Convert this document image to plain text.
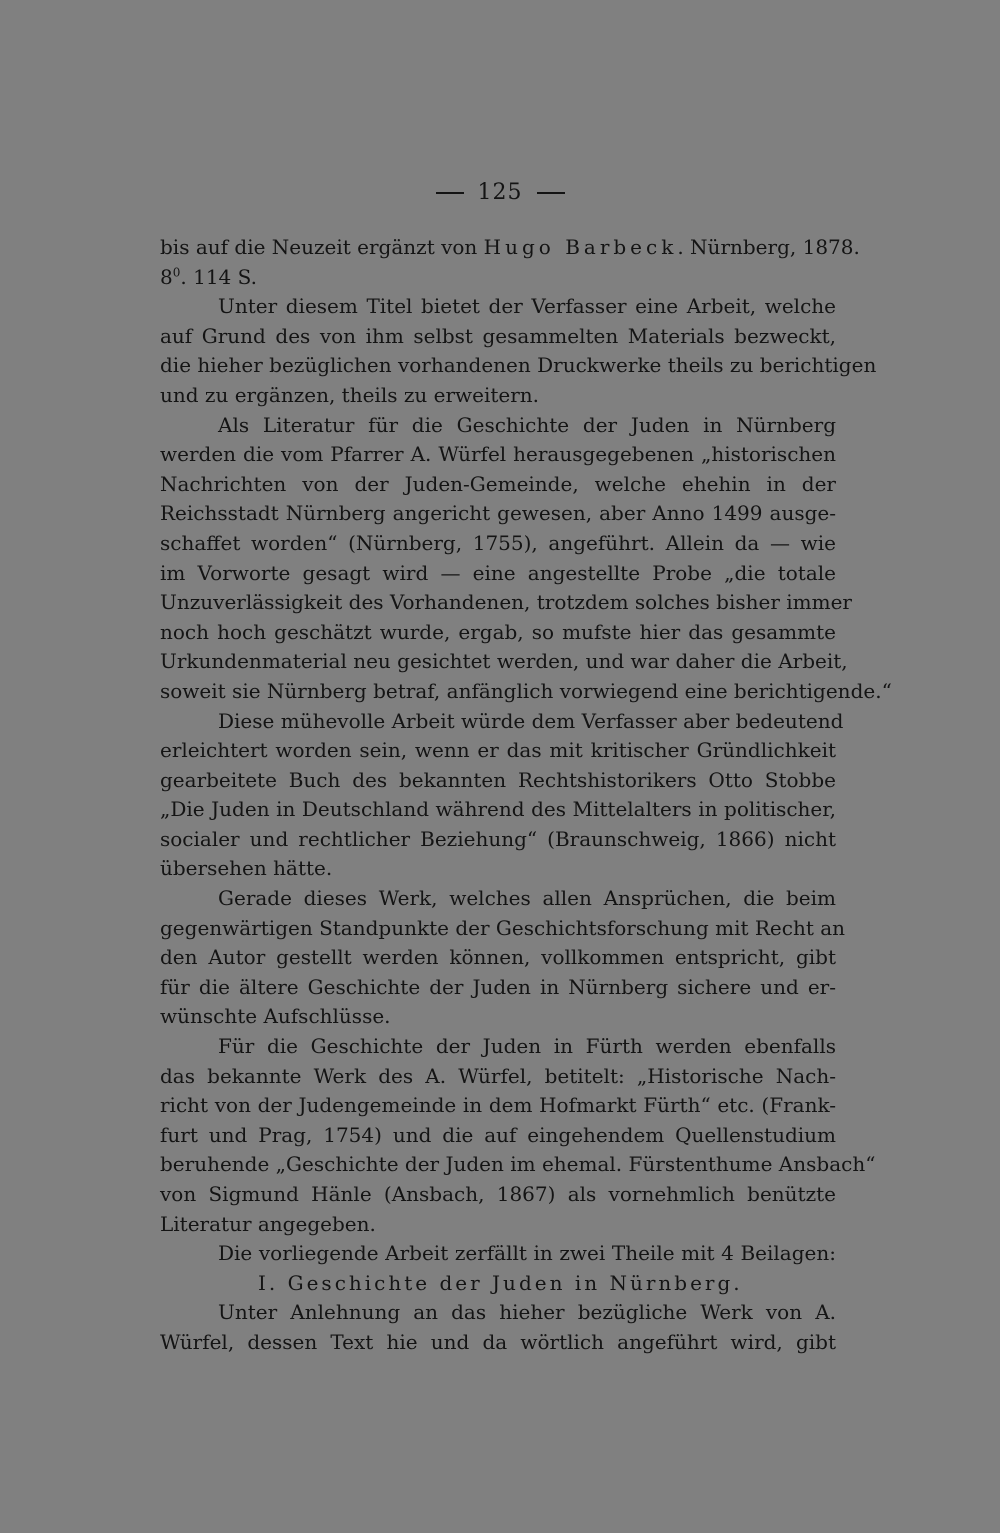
125
bis auf die Neuzeit ergänzt von Hugo Barbeck. Nürnberg, 1878.
$8^0$. 114 S.
Unter diesem Titel bietet der Verfasser eine Arbeit, welche
auf Grund des von ihm selbst gesammelten Materials bezweckt,
die hieher bezüglichen vorhandenen Druckwerke theils zu berichtigen
und zu ergänzen, theils zu erweitern.
Als Literatur für die Geschichte der Juden in Nürnberg
werden die vom Pfarrer A. Würfel herausgegebenen „historischen
Nachrichten von der Juden-Gemeinde, welche ehehin in der
Reichsstadt Nürnberg angericht gewesen, aber Anno 1499 ausge-
schaffet worden“ (Nürnberg, 1755), angeführt. Allein da — wie
im Vorworte gesagt wird — eine angestellte Probe „die totale
Unzuverlässigkeit des Vorhandenen, trotzdem solches bisher immer
noch hoch geschätzt wurde, ergab, so mufste hier das gesammte
Urkundenmaterial neu gesichtet werden, und war daher die Arbeit,
soweit sie Nürnberg betraf, anfänglich vorwiegend eine berichtigende.“
Diese mühevolle Arbeit würde dem Verfasser aber bedeutend
erleichtert worden sein, wenn er das mit kritischer Gründlichkeit
gearbeitete Buch des bekannten Rechtshistorikers Otto Stobbe
„Die Juden in Deutschland während des Mittelalters in politischer,
socialer und rechtlicher Beziehung“ (Braunschweig, 1866) nicht
übersehen hätte.
Gerade dieses Werk, welches allen Ansprüchen, die beim
gegenwärtigen Standpunkte der Geschichtsforschung mit Recht an
den Autor gestellt werden können, vollkommen entspricht, gibt
für die ältere Geschichte der Juden in Nürnberg sichere und er-
wünschte Aufschlüsse.
Für die Geschichte der Juden in Fürth werden ebenfalls
das bekannte Werk des A. Würfel, betitelt: „Historische Nach-
richt von der Judengemeinde in dem Hofmarkt Fürth“ etc. (Frank-
furt und Prag, 1754) und die auf eingehendem Quellenstudium
beruhende „Geschichte der Juden im ehemal. Fürstenthume Ansbach“
von Sigmund Hänle (Ansbach, 1867) als vornehmlich benützte
Literatur angegeben.
Die vorliegende Arbeit zerfällt in zwei Theile mit 4 Beilagen:
I. Geschichte der Juden in Nürnberg.
Unter Anlehnung an das hieher bezügliche Werk von A.
Würfel, dessen Text hie und da wörtlich angeführt wird, gibt
